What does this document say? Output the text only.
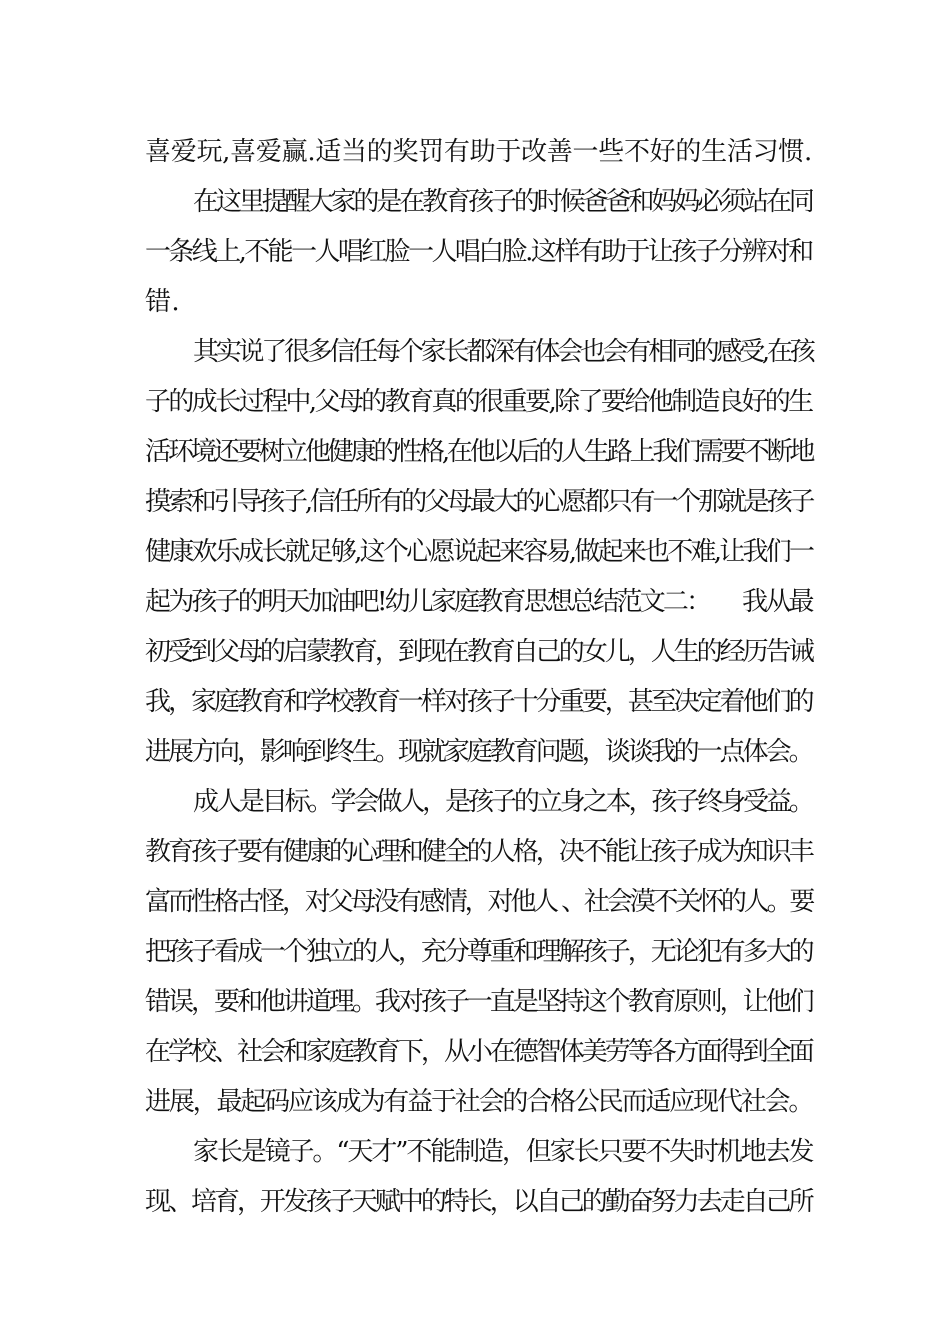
喜爱玩,喜爱赢.适当的奖罚有助于改善一些不好的生活习惯.
在这里提醒大家的是在教育孩子的时候爸爸和妈妈必须站在同
一条线上,不能一人唱红脸一人唱白脸.这样有助于让孩子分辨对和
错.
其实说了很多信任每个家长都深有体会也会有相同的感受,在孩
子的成长过程中,父母的教育真的很重要,除了要给他制造良好的生
活环境还要树立他健康的性格,在他以后的人生路上我们需要不断地
摸索和引导孩子,信任所有的父母最大的心愿都只有一个那就是孩子
健康欢乐成长就足够,这个心愿说起来容易,做起来也不难,让我们一
起为孩子的明天加油吧!幼儿家庭教育思想总结范文二：      我从最
初受到父母的启蒙教育，到现在教育自己的女儿，人生的经历告诫
我，家庭教育和学校教育一样对孩子十分重要，甚至决定着他们的
进展方向，影响到终生。现就家庭教育问题，谈谈我的一点体会。
成人是目标。学会做人，是孩子的立身之本，孩子终身受益。
教育孩子要有健康的心理和健全的人格，决不能让孩子成为知识丰
富而性格古怪，对父母没有感情，对他人 、社会漠不关怀的人。要
把孩子看成一个独立的人，充分尊重和理解孩子，无论犯有多大的
错误，要和他讲道理。我对孩子一直是坚持这个教育原则，让他们
在学校、社会和家庭教育下，从小在德智体美劳等各方面得到全面
进展，最起码应该成为有益于社会的合格公民而适应现代社会。
家长是镜子。“天才”不能制造，但家长只要不失时机地去发
现、培育，开发孩子天赋中的特长，以自己的勤奋努力去走自己所
